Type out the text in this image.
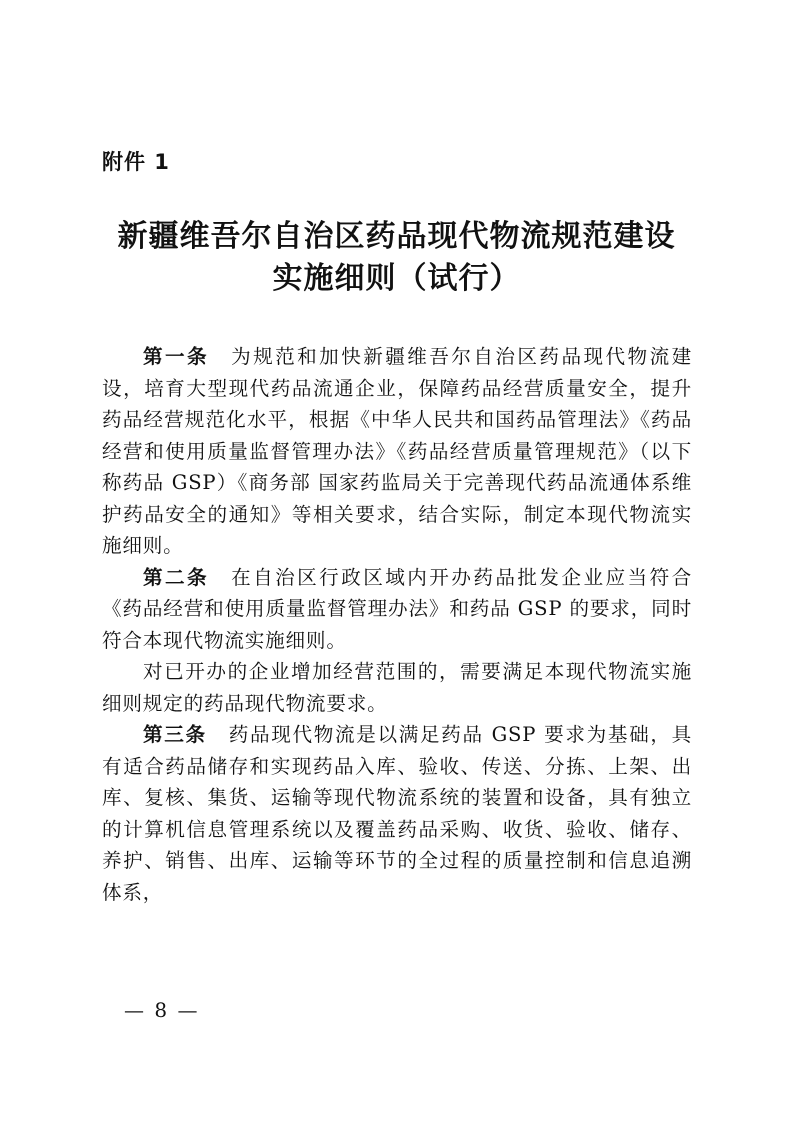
附件 1
新疆维吾尔自治区药品现代物流规范建设
实施细则（试行）

第一条 为规范和加快新疆维吾尔自治区药品现代物流建设，培育大型现代药品流通企业，保障药品经营质量安全，提升药品经营规范化水平，根据《中华人民共和国药品管理法》《药品经营和使用质量监督管理办法》《药品经营质量管理规范》（以下称药品 GSP）《商务部 国家药监局关于完善现代药品流通体系维护药品安全的通知》等相关要求，结合实际，制定本现代物流实施细则。

第二条 在自治区行政区域内开办药品批发企业应当符合《药品经营和使用质量监督管理办法》和药品 GSP 的要求，同时符合本现代物流实施细则。

对已开办的企业增加经营范围的，需要满足本现代物流实施细则规定的药品现代物流要求。

第三条 药品现代物流是以满足药品 GSP 要求为基础，具有适合药品储存和实现药品入库、验收、传送、分拣、上架、出库、复核、集货、运输等现代物流系统的装置和设备，具有独立的计算机信息管理系统以及覆盖药品采购、收货、验收、储存、养护、销售、出库、运输等环节的全过程的质量控制和信息追溯体系，

— 8 —
